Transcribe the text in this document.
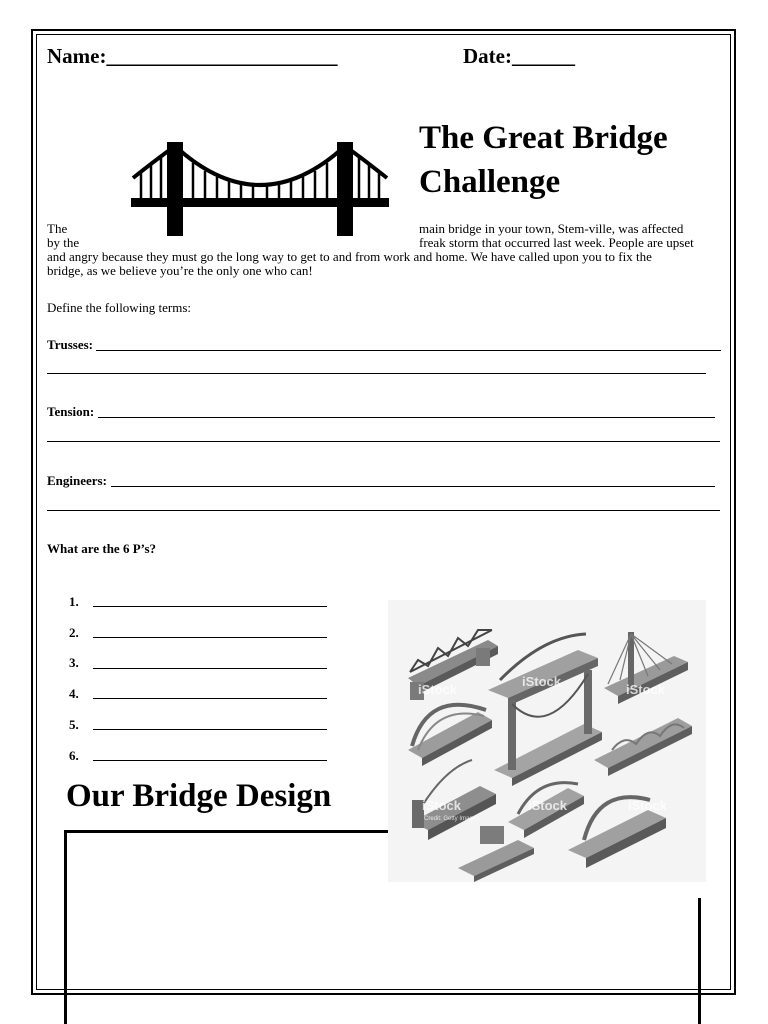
Name:______________________	Date:______
The Great Bridge
Challenge
The	main bridge in your town, Stem-ville, was affected
by the	freak storm that occurred last week. People are upset
and angry because they must go the long way to get to and from work and home. We have called upon you to fix the
bridge, as we believe you’re the only one who can!
Define the following terms:
Trusses:
Tension:
Engineers:
What are the 6 P’s?
1.
2.
3.
4.
5.
6.
Our Bridge Design
iStock
iStock
iStock
iStock	iStock	iStock
Credit: Getty Images
